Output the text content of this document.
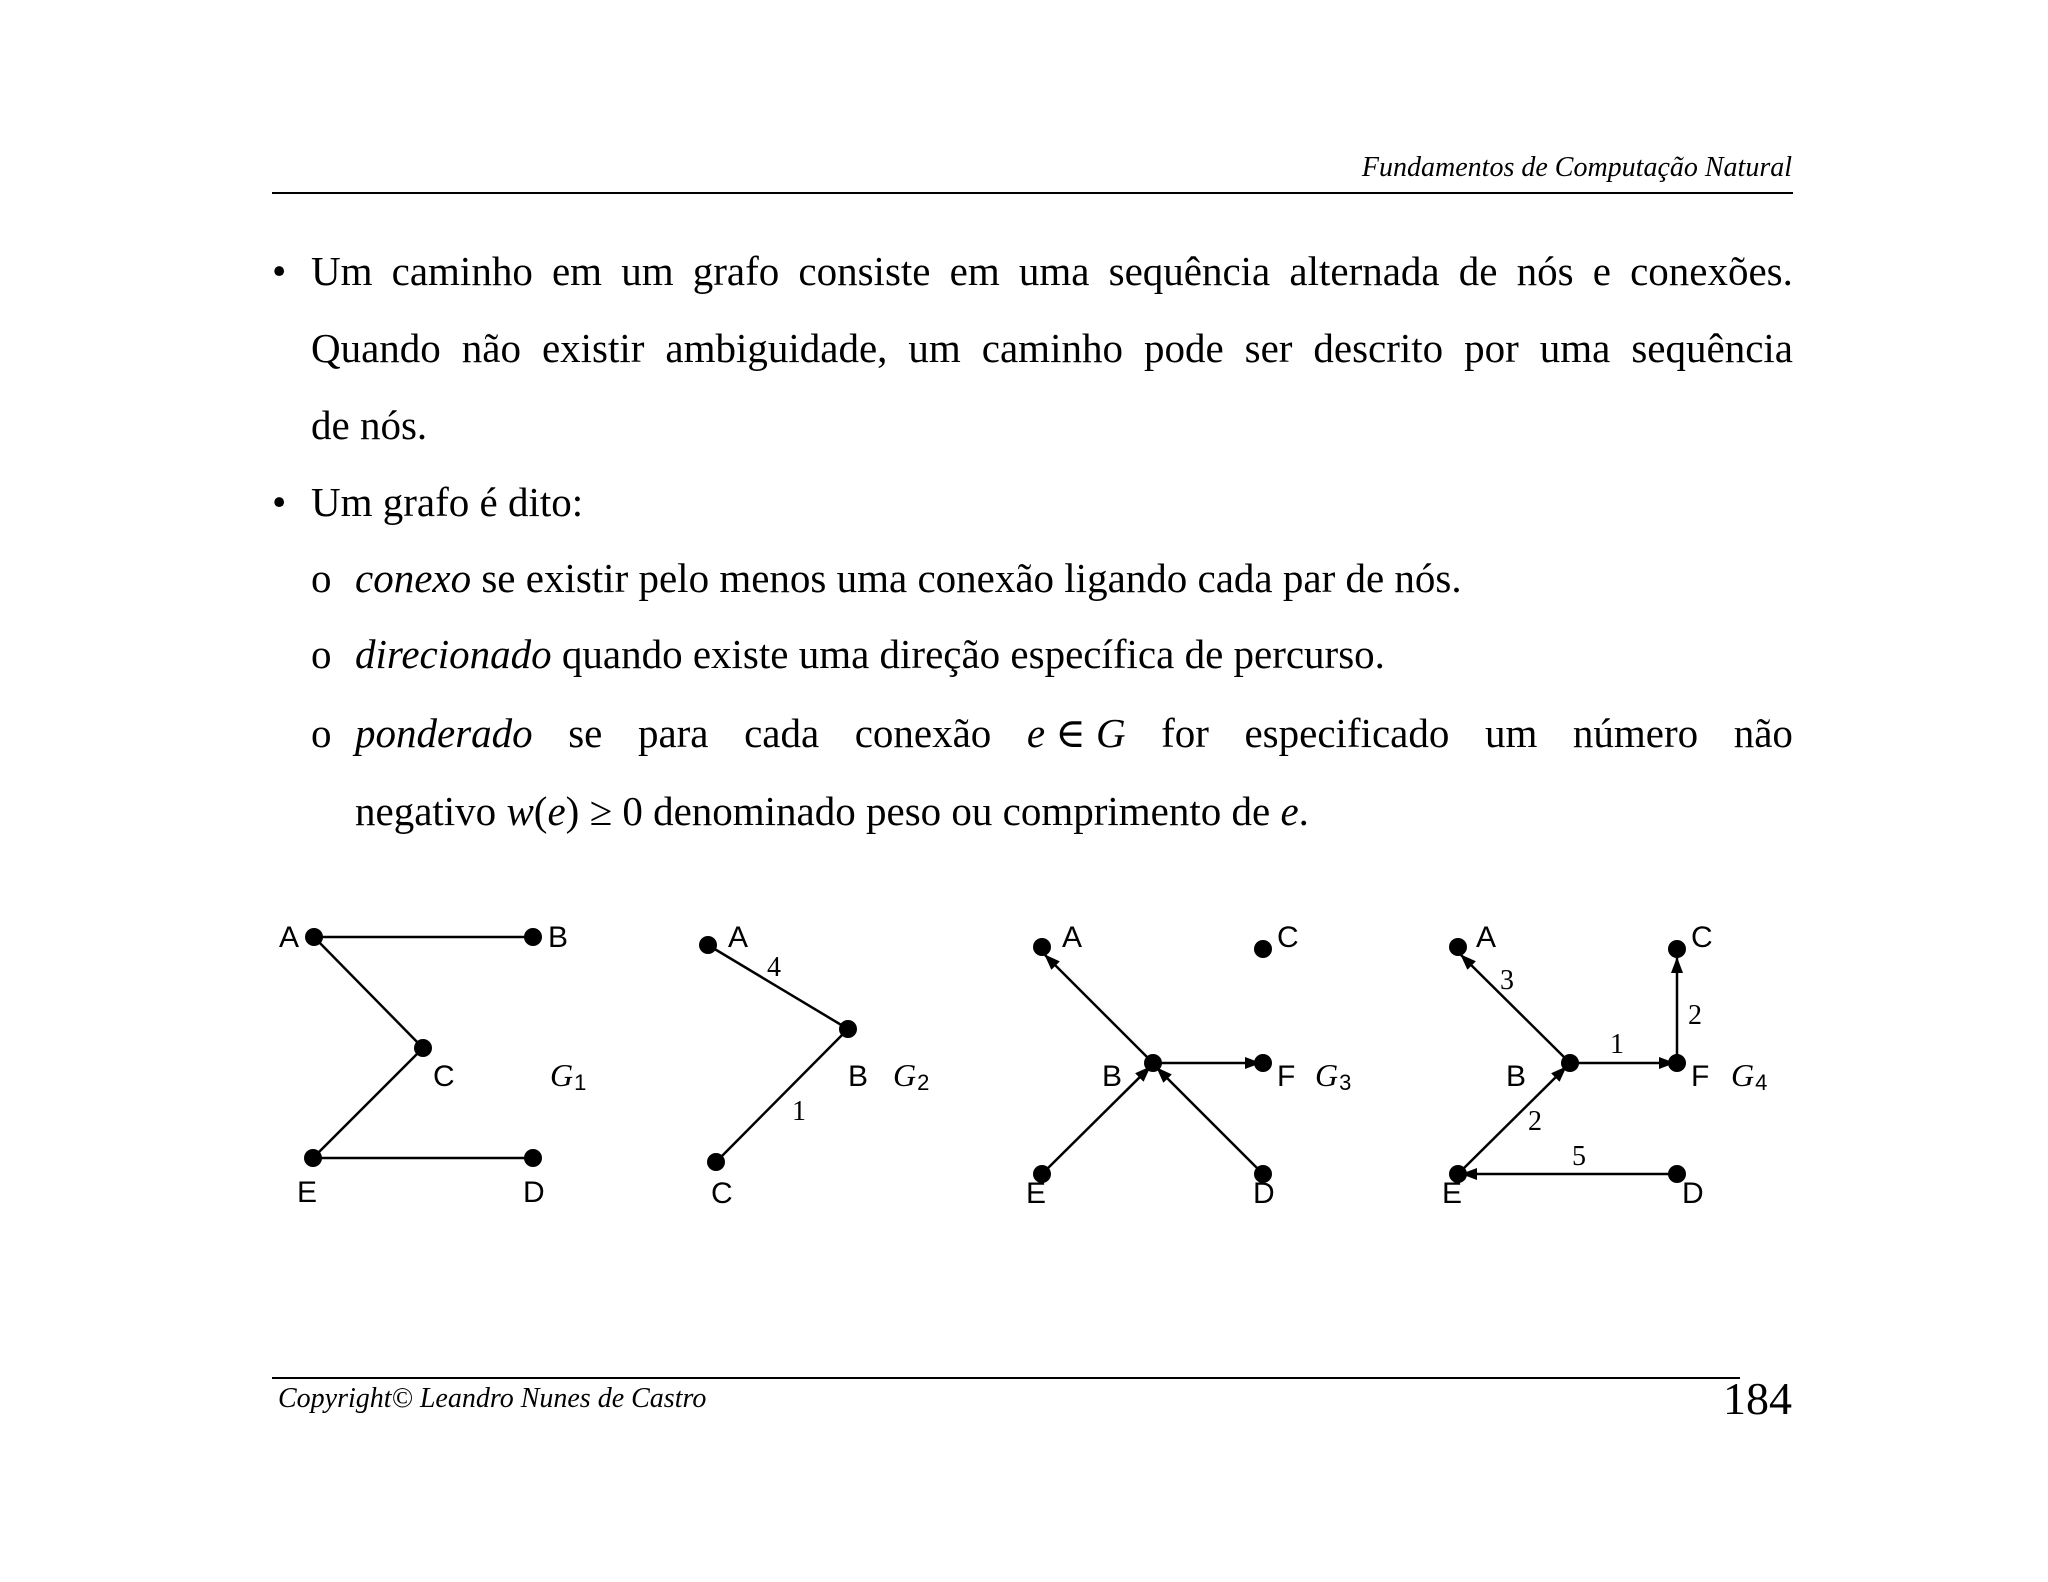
Fundamentos de Computação Natural
• Um caminho em um grafo consiste em uma sequência alternada de nós e conexões.
Quando não existir ambiguidade, um caminho pode ser descrito por uma sequência
de nós.
• Um grafo é dito:
o conexo se existir pelo menos uma conexão ligando cada par de nós.
o direcionado quando existe uma direção específica de percurso.
o ponderado se para cada conexão e ∈ G for especificado um número não
negativo w(e) ≥ 0 denominado peso ou comprimento de e.
A	B
C
E	D
G1
A
B
C
4
1
G2
A	C
B	F
E	D
G3
A	C
B	F
E	D
3
2
1
2
5
G4
Copyright© Leandro Nunes de Castro	184
